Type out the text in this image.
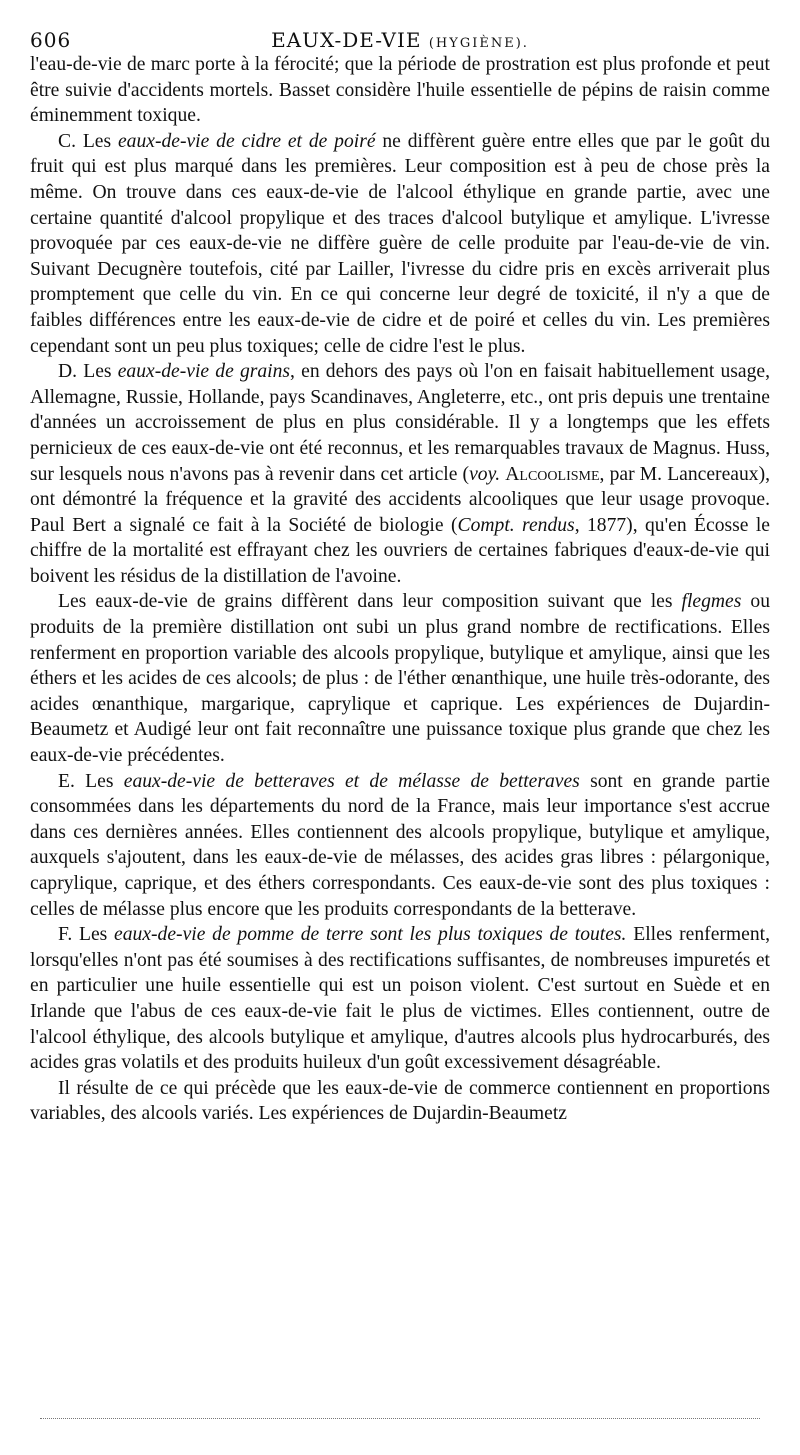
606	EAUX-DE-VIE (HYGIÈNE).

l'eau-de-vie de marc porte à la férocité; que la période de prostration est plus profonde et peut être suivie d'accidents mortels. Basset considère l'huile essentielle de pépins de raisin comme éminemment toxique.

C. Les eaux-de-vie de cidre et de poiré ne diffèrent guère entre elles que par le goût du fruit qui est plus marqué dans les premières. Leur composition est à peu de chose près la même. On trouve dans ces eaux-de-vie de l'alcool éthylique en grande partie, avec une certaine quantité d'alcool propylique et des traces d'alcool butylique et amylique. L'ivresse provoquée par ces eaux-de-vie ne diffère guère de celle produite par l'eau-de-vie de vin. Suivant Decugnère toutefois, cité par Lailler, l'ivresse du cidre pris en excès arriverait plus promptement que celle du vin. En ce qui concerne leur degré de toxicité, il n'y a que de faibles différences entre les eaux-de-vie de cidre et de poiré et celles du vin. Les premières cependant sont un peu plus toxiques; celle de cidre l'est le plus.

D. Les eaux-de-vie de grains, en dehors des pays où l'on en faisait habituellement usage, Allemagne, Russie, Hollande, pays Scandinaves, Angleterre, etc., ont pris depuis une trentaine d'années un accroissement de plus en plus considérable. Il y a longtemps que les effets pernicieux de ces eaux-de-vie ont été reconnus, et les remarquables travaux de Magnus. Huss, sur lesquels nous n'avons pas à revenir dans cet article (voy. Alcoolisme, par M. Lancereaux), ont démontré la fréquence et la gravité des accidents alcooliques que leur usage provoque. Paul Bert a signalé ce fait à la Société de biologie (Compt. rendus, 1877), qu'en Écosse le chiffre de la mortalité est effrayant chez les ouvriers de certaines fabriques d'eaux-de-vie qui boivent les résidus de la distillation de l'avoine.

Les eaux-de-vie de grains diffèrent dans leur composition suivant que les flegmes ou produits de la première distillation ont subi un plus grand nombre de rectifications. Elles renferment en proportion variable des alcools propylique, butylique et amylique, ainsi que les éthers et les acides de ces alcools; de plus : de l'éther œnanthique, une huile très-odorante, des acides œnanthique, margarique, caprylique et caprique. Les expériences de Dujardin-Beaumetz et Audigé leur ont fait reconnaître une puissance toxique plus grande que chez les eaux-de-vie précédentes.

E. Les eaux-de-vie de betteraves et de mélasse de betteraves sont en grande partie consommées dans les départements du nord de la France, mais leur importance s'est accrue dans ces dernières années. Elles contiennent des alcools propylique, butylique et amylique, auxquels s'ajoutent, dans les eaux-de-vie de mélasses, des acides gras libres : pélargonique, caprylique, caprique, et des éthers correspondants. Ces eaux-de-vie sont des plus toxiques : celles de mélasse plus encore que les produits correspondants de la betterave.

F. Les eaux-de-vie de pomme de terre sont les plus toxiques de toutes. Elles renferment, lorsqu'elles n'ont pas été soumises à des rectifications suffisantes, de nombreuses impuretés et en particulier une huile essentielle qui est un poison violent. C'est surtout en Suède et en Irlande que l'abus de ces eaux-de-vie fait le plus de victimes. Elles contiennent, outre de l'alcool éthylique, des alcools butylique et amylique, d'autres alcools plus hydrocarburés, des acides gras volatils et des produits huileux d'un goût excessivement désagréable.

Il résulte de ce qui précède que les eaux-de-vie de commerce contiennent en proportions variables, des alcools variés. Les expériences de Dujardin-Beaumetz
